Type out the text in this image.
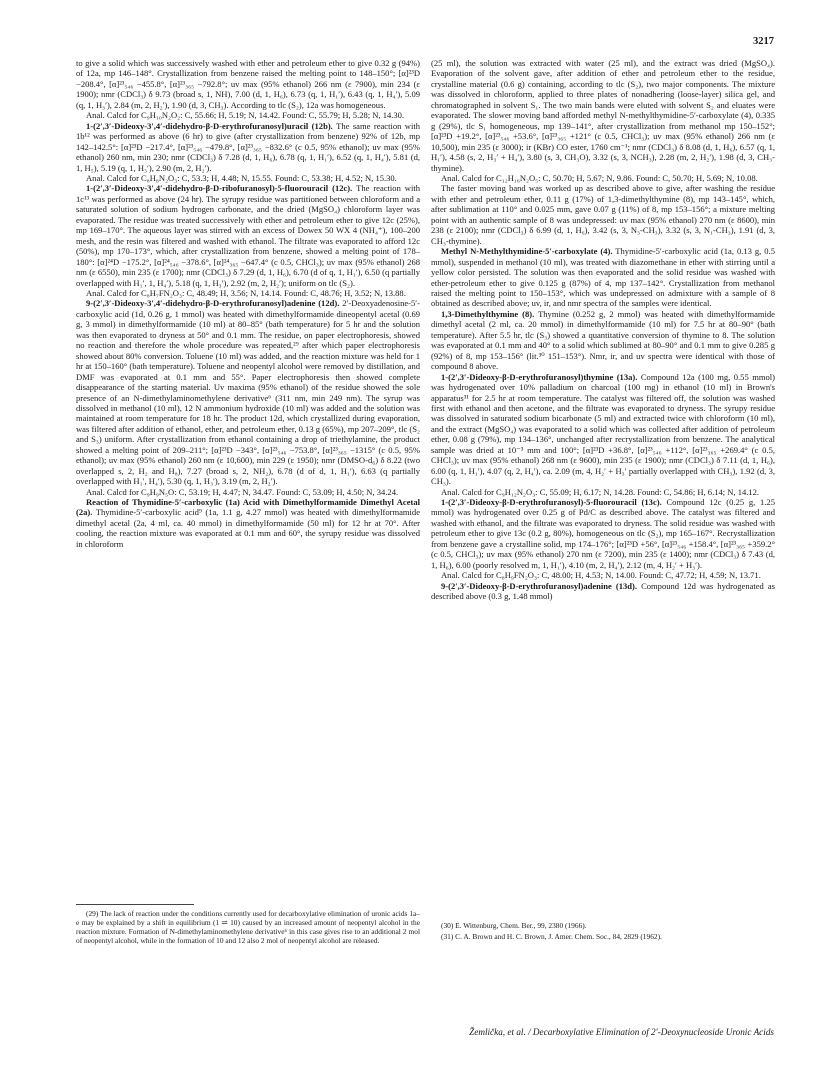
3217

to give a solid which was successively washed with ether and petroleum ether to give 0.32 g (94%) of 12a, mp 146–148°. Crystallization from benzene raised the melting point to 148–150°; [α]²³D −208.4°, [α]²³₅₄₆ −455.8°, [α]²³₃₆₅ −792.8°; uv max (95% ethanol) 266 nm (ε 7900), min 234 (ε 1900); nmr (CDCl₃) δ 9.73 (broad s, 1, NH), 7.00 (d, 1, H₆), 6.73 (q, 1, H₁′), 6.43 (q, 1, H₄′), 5.09 (q, 1, H₃′), 2.84 (m, 2, H₂′), 1.90 (d, 3, CH₃). According to tlc (S₂), 12a was homogeneous.

Anal. Calcd for C₉H₁₀N₂O₂: C, 55.66; H, 5.19; N, 14.42. Found: C, 55.79; H, 5.28; N, 14.30.

1-(2′,3′-Dideoxy-3′,4′-didehydro-β-D-erythrofuranosyl)uracil (12b). The same reaction with 1b¹² was performed as above (6 hr) to give (after crystallization from benzene) 92% of 12b, mp 142–142.5°: [α]²³D −217.4°, [α]²³₅₄₆ −479.8°, [α]²³₃₆₅ −832.6° (c 0.5, 95% ethanol); uv max (95% ethanol) 260 nm, min 230; nmr (CDCl₃) δ 7.28 (d, 1, H₆), 6.78 (q, 1, H₁′), 6.52 (q, 1, H₄′), 5.81 (d, 1, H₅), 5.19 (q, 1, H₃′), 2.90 (m, 2, H₂′).

Anal. Calcd for C₈H₈N₂O₃: C, 53.3; H, 4.48; N, 15.55. Found: C, 53.38; H, 4.52; N, 15.30.

1-(2′,3′-Dideoxy-3′,4′-didehydro-β-D-ribofuranosyl)-5-fluorouracil (12c). The reaction with 1c¹³ was performed as above (24 hr). The syrupy residue was partitioned between chloroform and a saturated solution of sodium hydrogen carbonate, and the dried (MgSO₄) chloroform layer was evaporated. The residue was treated successively with ether and petroleum ether to give 12c (25%), mp 169–170°. The aqueous layer was stirred with an excess of Dowex 50 WX 4 (NH₄⁺), 100–200 mesh, and the resin was filtered and washed with ethanol. The filtrate was evaporated to afford 12c (50%), mp 170–173°, which, after crystallization from benzene, showed a melting point of 178–180°: [α]²⁴D −175.2°, [α]²⁴₅₄₆ −378.6°, [α]²⁴₃₆₅ −647.4° (c 0.5, CHCl₃); uv max (95% ethanol) 268 nm (ε 6550), min 235 (ε 1700); nmr (CDCl₃) δ 7.29 (d, 1, H₆), 6.70 (d of q, 1, H₁′), 6.50 (q partially overlapped with H₁′, 1, H₄′), 5.18 (q, 1, H₃′), 2.92 (m, 2, H₂′); uniform on tlc (S₂).

Anal. Calcd for C₈H₇FN₂O₃: C, 48.49; H, 3.56; N, 14.14. Found: C, 48.76; H, 3.52; N, 13.88.

9-(2′,3′-Dideoxy-3′,4′-didehydro-β-D-erythrofuranosyl)adenine (12d). 2′-Deoxyadenosine-5′-carboxylic acid (1d, 0.26 g, 1 mmol) was heated with dimethylformamide dineopentyl acetal (0.69 g, 3 mmol) in dimethylformamide (10 ml) at 80–85° (bath temperature) for 5 hr and the solution was then evaporated to dryness at 50° and 0.1 mm. The residue, on paper electrophoresis, showed no reaction and therefore the whole procedure was repeated,²⁹ after which paper electrophoresis showed about 80% conversion. Toluene (10 ml) was added, and the reaction mixture was held for 1 hr at 150–160° (bath temperature). Toluene and neopentyl alcohol were removed by distillation, and DMF was evaporated at 0.1 mm and 55°. Paper electrophoresis then showed complete disappearance of the starting material. Uv maxima (95% ethanol) of the residue showed the sole presence of an N-dimethylaminomethylene derivative⁶ (311 nm, min 249 nm). The syrup was dissolved in methanol (10 ml), 12 N ammonium hydroxide (10 ml) was added and the solution was maintained at room temperature for 18 hr. The product 12d, which crystallized during evaporation, was filtered after addition of ethanol, ether, and petroleum ether, 0.13 g (65%), mp 207–209°, tlc (S₂ and S₃) uniform. After crystallization from ethanol containing a drop of triethylamine, the product showed a melting point of 209–211°; [α]²³D −343°, [α]²³₅₄₆ −753.8°, [α]²³₃₆₅ −1315° (c 0.5, 95% ethanol); uv max (95% ethanol) 260 nm (ε 10,600), min 229 (ε 1950); nmr (DMSO-d₆) δ 8.22 (two overlapped s, 2, H₂ and H₈), 7.27 (broad s, 2, NH₂), 6.78 (d of d, 1, H₁′), 6.63 (q partially overlapped with H₁′, H₄′), 5.30 (q, 1, H₃′), 3.19 (m, 2, H₂′).

Anal. Calcd for C₉H₉N₅O: C, 53.19; H, 4.47; N, 34.47. Found: C, 53.09; H, 4.50; N, 34.24.

Reaction of Thymidine-5′-carboxylic (1a) Acid with Dimethylformamide Dimethyl Acetal (2a). Thymidine-5′-carboxylic acid⁹ (1a, 1.1 g, 4.27 mmol) was heated with dimethylformamide dimethyl acetal (2a, 4 ml, ca. 40 mmol) in dimethylformamide (50 ml) for 12 hr at 70°. After cooling, the reaction mixture was evaporated at 0.1 mm and 60°, the syrupy residue was dissolved in chloroform

(25 ml), the solution was extracted with water (25 ml), and the extract was dried (MgSO₄). Evaporation of the solvent gave, after addition of ether and petroleum ether to the residue, crystalline material (0.6 g) containing, according to tlc (S₂), two major components. The mixture was dissolved in chloroform, applied to three plates of nonadhering (loose-layer) silica gel, and chromatographed in solvent S₁. The two main bands were eluted with solvent S₂ and eluates were evaporated. The slower moving band afforded methyl N-methylthymidine-5′-carboxylate (4), 0.335 g (29%), tlc S₁ homogeneous, mp 139–141°, after crystallization from methanol mp 150–152°; [α]²³D +19.2°, [α]²³₅₄₆ +53.6°, [α]²³₃₆₅ +121° (c 0.5, CHCl₃); uv max (95% ethanol) 266 nm (ε 10,500), min 235 (ε 3000); ir (KBr) CO ester, 1760 cm⁻¹; nmr (CDCl₃) δ 8.08 (d, 1, H₆), 6.57 (q, 1, H₁′), 4.58 (s, 2, H₃′ + H₄′), 3.80 (s, 3, CH₃O), 3.32 (s, 3, NCH₃), 2.28 (m, 2, H₂′), 1.98 (d, 3, CH₃-thymine).

Anal. Calcd for C₁₂H₁₆N₂O₅: C, 50.70; H, 5.67; N, 9.86. Found: C, 50.70; H, 5.69; N, 10.08.

The faster moving band was worked up as described above to give, after washing the residue with ether and petroleum ether, 0.11 g (17%) of 1,3-dimethylthymine (8), mp 143–145°, which, after sublimation at 110° and 0.025 mm, gave 0.07 g (11%) of 8, mp 153–156°; a mixture melting point with an authentic sample of 8 was undepressed: uv max (95% ethanol) 270 nm (ε 8600), min 238 (ε 2100); nmr (CDCl₃) δ 6.99 (d, 1, H₆), 3.42 (s, 3, N₃-CH₃), 3.32 (s, 3, N₁-CH₃), 1.91 (d, 3, CH₃-thymine).

Methyl N-Methylthymidine-5′-carboxylate (4). Thymidine-5′-carboxylic acid (1a, 0.13 g, 0.5 mmol), suspended in methanol (10 ml), was treated with diazomethane in ether with stirring until a yellow color persisted. The solution was then evaporated and the solid residue was washed with ether-petroleum ether to give 0.125 g (87%) of 4, mp 137–142°. Crystallization from methanol raised the melting point to 150–153°, which was undepressed on admixture with a sample of 8 obtained as described above; uv, ir, and nmr spectra of the samples were identical.

1,3-Dimethylthymine (8). Thymine (0.252 g, 2 mmol) was heated with dimethylformamide dimethyl acetal (2 ml, ca. 20 mmol) in dimethylformamide (10 ml) for 7.5 hr at 80–90° (bath temperature). After 5.5 hr, tlc (S₃) showed a quantitative conversion of thymine to 8. The solution was evaporated at 0.1 mm and 40° to a solid which sublimed at 80–90° and 0.1 mm to give 0.285 g (92%) of 8, mp 153–156° (lit.³⁰ 151–153°). Nmr, ir, and uv spectra were identical with those of compound 8 above.

1-(2′,3′-Dideoxy-β-D-erythrofuranosyl)thymine (13a). Compound 12a (100 mg, 0.55 mmol) was hydrogenated over 10% palladium on charcoal (100 mg) in ethanol (10 ml) in Brown's apparatus³¹ for 2.5 hr at room temperature. The catalyst was filtered off, the solution was washed first with ethanol and then acetone, and the filtrate was evaporated to dryness. The syrupy residue was dissolved in saturated sodium bicarbonate (5 ml) and extracted twice with chloroform (10 ml), and the extract (MgSO₄) was evaporated to a solid which was collected after addition of petroleum ether, 0.08 g (79%), mp 134–136°, unchanged after recrystallization from benzene. The analytical sample was dried at 10⁻³ mm and 100°; [α]²³D +36.8°, [α]²³₅₄₆ +112°, [α]²³₃₆₅ +269.4° (c 0.5, CHCl₃); uv max (95% ethanol) 268 nm (ε 9600), min 235 (ε 1900); nmr (CDCl₃) δ 7.11 (d, 1, H₆), 6.00 (q, 1, H₁′), 4.07 (q, 2, H₄′), ca. 2.09 (m, 4, H₂′ + H₃′ partially overlapped with CH₃), 1.92 (d, 3, CH₃).

Anal. Calcd for C₉H₁₂N₂O₃: C, 55.09; H, 6.17; N, 14.28. Found: C, 54.86; H, 6.14; N, 14.12.

1-(2′,3′-Dideoxy-β-D-erythrofuranosyl)-5-fluorouracil (13c). Compound 12c (0.25 g, 1.25 mmol) was hydrogenated over 0.25 g of Pd/C as described above. The catalyst was filtered and washed with ethanol, and the filtrate was evaporated to dryness. The solid residue was washed with petroleum ether to give 13c (0.2 g, 80%), homogeneous on tlc (S₂), mp 165–167°. Recrystallization from benzene gave a crystalline solid, mp 174–176°; [α]²³D +56°, [α]²³₅₄₆ +158.4°, [α]²³₃₆₅ +359.2° (c 0.5, CHCl₃); uv max (95% ethanol) 270 nm (ε 7200), min 235 (ε 1400); nmr (CDCl₃) δ 7.43 (d, 1, H₆), 6.00 (poorly resolved m, 1, H₁′), 4.10 (m, 2, H₄′), 2.12 (m, 4, H₂′ + H₃′).

Anal. Calcd for C₈H₉FN₂O₃: C, 48.00; H, 4.53; N, 14.00. Found: C, 47.72; H, 4.59; N, 13.71.

9-(2′,3′-Dideoxy-β-D-erythrofuranosyl)adenine (13d). Compound 12d was hydrogenated as described above (0.3 g, 1.48 mmol)

(29) The lack of reaction under the conditions currently used for decarboxylative elimination of uronic acids 1a–e may be explained by a shift in equilibrium (1 ⇌ 10) caused by an increased amount of neopentyl alcohol in the reaction mixture. Formation of N-dimethylaminomethylene derivative⁶ in this case gives rise to an additional 2 mol of neopentyl alcohol, while in the formation of 10 and 12 also 2 mol of neopentyl alcohol are released.

(30) E. Wittenburg, Chem. Ber., 99, 2380 (1966).

(31) C. A. Brown and H. C. Brown, J. Amer. Chem. Soc., 84, 2829 (1962).

Žemlička, et al. / Decarboxylative Elimination of 2′-Deoxynucleoside Uronic Acids
